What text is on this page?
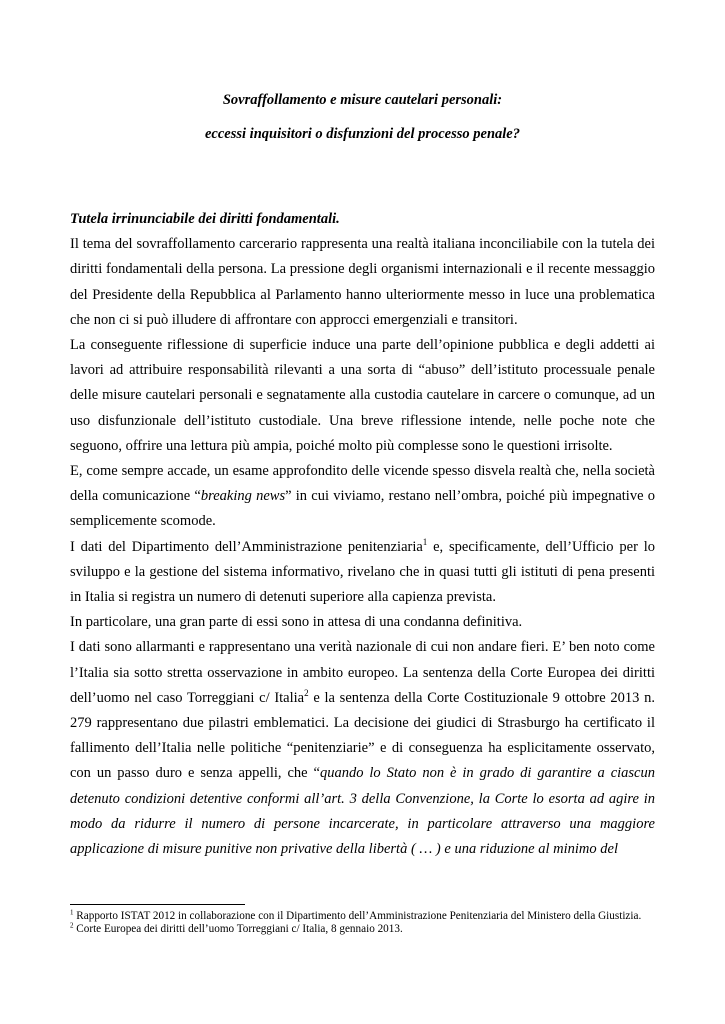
Sovraffollamento e misure cautelari personali:
eccessi inquisitori o disfunzioni del processo penale?

Tutela irrinunciabile dei diritti fondamentali.

Il tema del sovraffollamento carcerario rappresenta una realtà italiana inconciliabile con la tutela dei diritti fondamentali della persona. La pressione degli organismi internazionali e il recente messaggio del Presidente della Repubblica al Parlamento hanno ulteriormente messo in luce una problematica che non ci si può illudere di affrontare con approcci emergenziali e transitori.

La conseguente riflessione di superficie induce una parte dell’opinione pubblica e degli addetti ai lavori ad attribuire responsabilità rilevanti a una sorta di “abuso” dell’istituto processuale penale delle misure cautelari personali e segnatamente alla custodia cautelare in carcere o comunque, ad un uso disfunzionale dell’istituto custodiale. Una breve riflessione intende, nelle poche note che seguono, offrire una lettura più ampia, poiché molto più complesse sono le questioni irrisolte.

E, come sempre accade, un esame approfondito delle vicende spesso disvela realtà che, nella società della comunicazione “breaking news” in cui viviamo, restano nell’ombra, poiché più impegnative o semplicemente scomode.

I dati del Dipartimento dell’Amministrazione penitenziaria$^1$ e, specificamente, dell’Ufficio per lo sviluppo e la gestione del sistema informativo, rivelano che in quasi tutti gli istituti di pena presenti in Italia si registra un numero di detenuti superiore alla capienza prevista.

In particolare, una gran parte di essi sono in attesa di una condanna definitiva.

I dati sono allarmanti e rappresentano una verità nazionale di cui non andare fieri. E’ ben noto come l’Italia sia sotto stretta osservazione in ambito europeo. La sentenza della Corte Europea dei diritti dell’uomo nel caso Torreggiani c/ Italia$^2$ e la sentenza della Corte Costituzionale 9 ottobre 2013 n. 279 rappresentano due pilastri emblematici. La decisione dei giudici di Strasburgo ha certificato il fallimento dell’Italia nelle politiche “penitenziarie” e di conseguenza ha esplicitamente osservato, con un passo duro e senza appelli, che “quando lo Stato non è in grado di garantire a ciascun detenuto condizioni detentive conformi all’art. 3 della Convenzione, la Corte lo esorta ad agire in modo da ridurre il numero di persone incarcerate, in particolare attraverso una maggiore applicazione di misure punitive non privative della libertà ( … ) e una riduzione al minimo del

$^1$ Rapporto ISTAT 2012 in collaborazione con il Dipartimento dell’Amministrazione Penitenziaria del Ministero della Giustizia.

$^2$ Corte Europea dei diritti dell’uomo Torreggiani c/ Italia, 8 gennaio 2013.
